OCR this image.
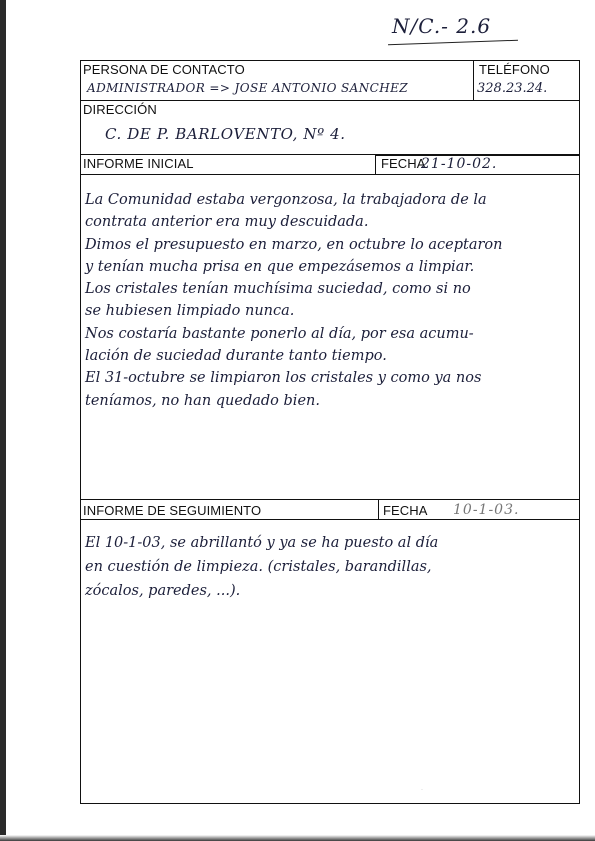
N/C.- 2.6
PERSONA DE CONTACTO	TELÉFONO
ADMINISTRADOR => JOSE ANTONIO SANCHEZ	328.23.24.
DIRECCIÓN
C. DE P. BARLOVENTO, Nº 4.
INFORME INICIAL	FECHA
21-10-02.
La Comunidad estaba vergonzosa, la trabajadora de la
contrata anterior era muy descuidada.
Dimos el presupuesto en marzo, en octubre lo aceptaron
y tenían mucha prisa en que empezásemos a limpiar.
Los cristales tenían muchísima suciedad, como si no
se hubiesen limpiado nunca.
Nos costaría bastante ponerlo al día, por esa acumu-
lación de suciedad durante tanto tiempo.
El 31-octubre se limpiaron los cristales y como ya nos
teníamos, no han quedado bien.
INFORME DE SEGUIMIENTO	FECHA 10-1-03.
El 10-1-03, se abrillantó y ya se ha puesto al día
en cuestión de limpieza. (cristales, barandillas,
zócalos, paredes, ...).
·
